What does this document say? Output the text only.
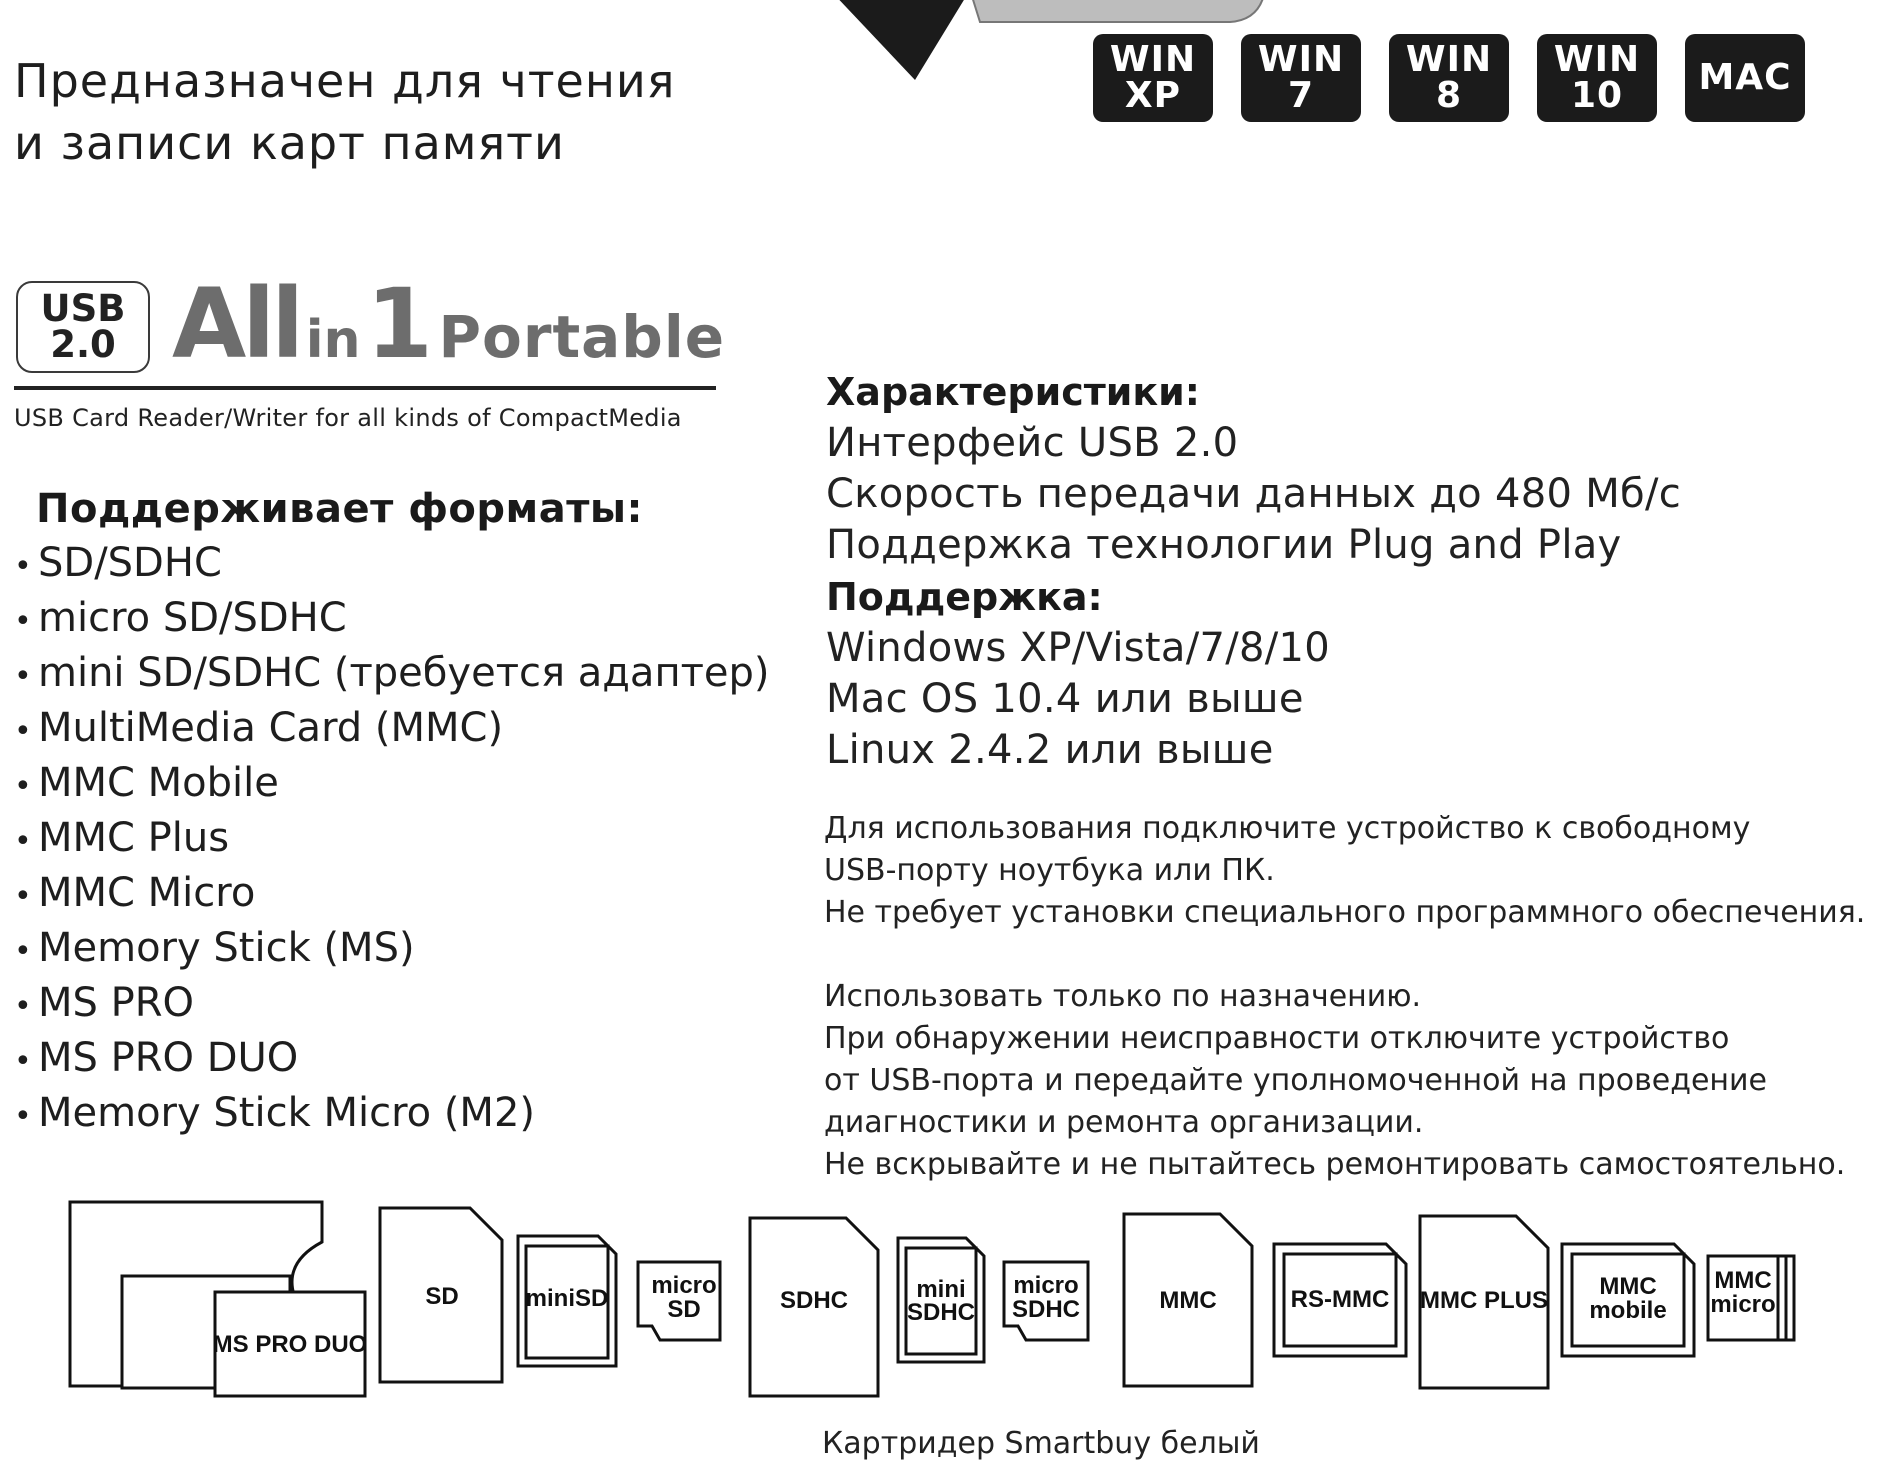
Предназначен для чтения
и записи карт памяти
WIN
XP
WIN
7
WIN
8
WIN
10 MAC
USB
2.0 All in 1 Portable
USB Card Reader/Writer for all kinds of CompactMedia
Поддерживает форматы:
• SD/SDHC
• micro SD/SDHC
• mini SD/SDHC (требуется адаптер)
• MultiMedia Card (MMC)
• MMC Mobile
• MMC Plus
• MMC Micro
• Memory Stick (MS)
• MS PRO
• MS PRO DUO
• Memory Stick Micro (M2)
Характеристики:
Интерфейс USB 2.0
Скорость передачи данных до 480 Мб/с
Поддержка технологии Plug and Play
Поддержка:
Windows XP/Vista/7/8/10
Mac OS 10.4 или выше
Linux 2.4.2 или выше
Для использования подключите устройство к свободному
USB-порту ноутбука или ПК.
Не требует установки специального программного обеспечения.
Использовать только по назначению.
При обнаружении неисправности отключите устройство
от USB-порта и передайте уполномоченной на проведение
диагностики и ремонта организации.
Не вскрывайте и не пытайтесь ремонтировать самостоятельно.
MS PRO DUO
SD	miniSD micro
SD	SDHC	mini
SDHC
micro
SDHC	MMC	RS-MMC MMC PLUS
MMC
mobile
MMC
micro
Картридер Smartbuy белый
